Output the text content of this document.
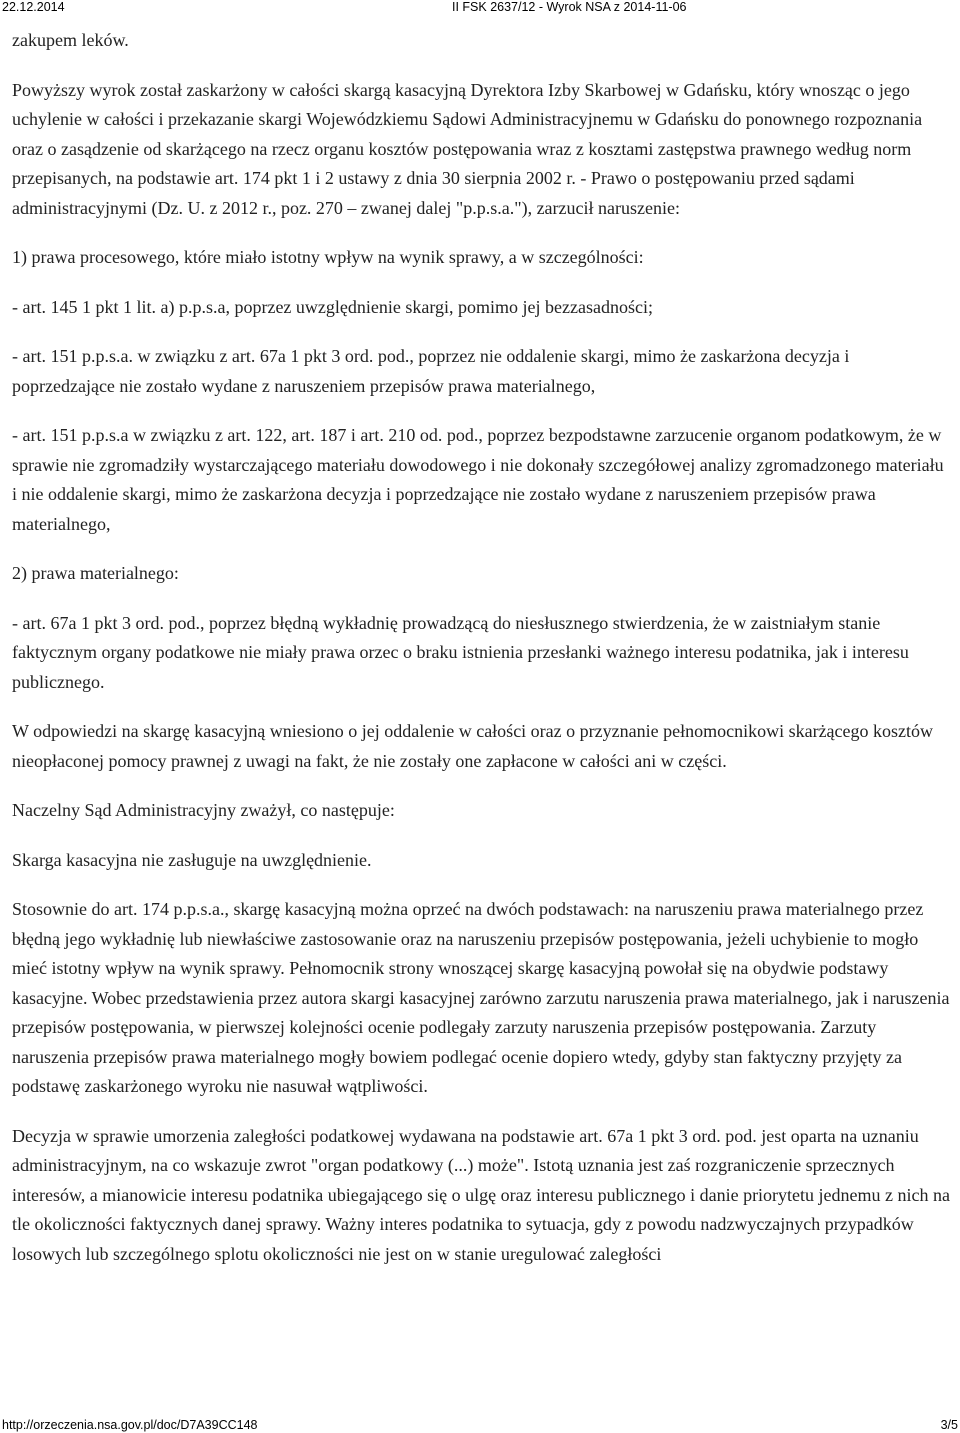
22.12.2014	II FSK 2637/12 - Wyrok NSA z 2014-11-06

zakupem leków.

Powyższy wyrok został zaskarżony w całości skargą kasacyjną Dyrektora Izby Skarbowej w Gdańsku, który wnosząc o jego uchylenie w całości i przekazanie skargi Wojewódzkiemu Sądowi Administracyjnemu w Gdańsku do ponownego rozpoznania oraz o zasądzenie od skarżącego na rzecz organu kosztów postępowania wraz z kosztami zastępstwa prawnego według norm przepisanych, na podstawie art. 174 pkt 1 i 2 ustawy z dnia 30 sierpnia 2002 r. - Prawo o postępowaniu przed sądami administracyjnymi (Dz. U. z 2012 r., poz. 270 – zwanej dalej "p.p.s.a."), zarzucił naruszenie:

1) prawa procesowego, które miało istotny wpływ na wynik sprawy, a w szczególności:

- art. 145 1 pkt 1 lit. a) p.p.s.a, poprzez uwzględnienie skargi, pomimo jej bezzasadności;

- art. 151 p.p.s.a. w związku z art. 67a 1 pkt 3 ord. pod., poprzez nie oddalenie skargi, mimo że zaskarżona decyzja i poprzedzające nie zostało wydane z naruszeniem przepisów prawa materialnego,

- art. 151 p.p.s.a w związku z art. 122, art. 187 i art. 210 od. pod., poprzez bezpodstawne zarzucenie organom podatkowym, że w sprawie nie zgromadziły wystarczającego materiału dowodowego i nie dokonały szczegółowej analizy zgromadzonego materiału i nie oddalenie skargi, mimo że zaskarżona decyzja i poprzedzające nie zostało wydane z naruszeniem przepisów prawa materialnego,

2) prawa materialnego:

- art. 67a 1 pkt 3 ord. pod., poprzez błędną wykładnię prowadzącą do niesłusznego stwierdzenia, że w zaistniałym stanie faktycznym organy podatkowe nie miały prawa orzec o braku istnienia przesłanki ważnego interesu podatnika, jak i interesu publicznego.

W odpowiedzi na skargę kasacyjną wniesiono o jej oddalenie w całości oraz o przyznanie pełnomocnikowi skarżącego kosztów nieopłaconej pomocy prawnej z uwagi na fakt, że nie zostały one zapłacone w całości ani w części.

Naczelny Sąd Administracyjny zważył, co następuje:

Skarga kasacyjna nie zasługuje na uwzględnienie.

Stosownie do art. 174 p.p.s.a., skargę kasacyjną można oprzeć na dwóch podstawach: na naruszeniu prawa materialnego przez błędną jego wykładnię lub niewłaściwe zastosowanie oraz na naruszeniu przepisów postępowania, jeżeli uchybienie to mogło mieć istotny wpływ na wynik sprawy. Pełnomocnik strony wnoszącej skargę kasacyjną powołał się na obydwie podstawy kasacyjne. Wobec przedstawienia przez autora skargi kasacyjnej zarówno zarzutu naruszenia prawa materialnego, jak i naruszenia przepisów postępowania, w pierwszej kolejności ocenie podlegały zarzuty naruszenia przepisów postępowania. Zarzuty naruszenia przepisów prawa materialnego mogły bowiem podlegać ocenie dopiero wtedy, gdyby stan faktyczny przyjęty za podstawę zaskarżonego wyroku nie nasuwał wątpliwości.

Decyzja w sprawie umorzenia zaległości podatkowej wydawana na podstawie art. 67a 1 pkt 3 ord. pod. jest oparta na uznaniu administracyjnym, na co wskazuje zwrot "organ podatkowy (...) może". Istotą uznania jest zaś rozgraniczenie sprzecznych interesów, a mianowicie interesu podatnika ubiegającego się o ulgę oraz interesu publicznego i danie priorytetu jednemu z nich na tle okoliczności faktycznych danej sprawy. Ważny interes podatnika to sytuacja, gdy z powodu nadzwyczajnych przypadków losowych lub szczególnego splotu okoliczności nie jest on w stanie uregulować zaległości

http://orzeczenia.nsa.gov.pl/doc/D7A39CC148	3/5
